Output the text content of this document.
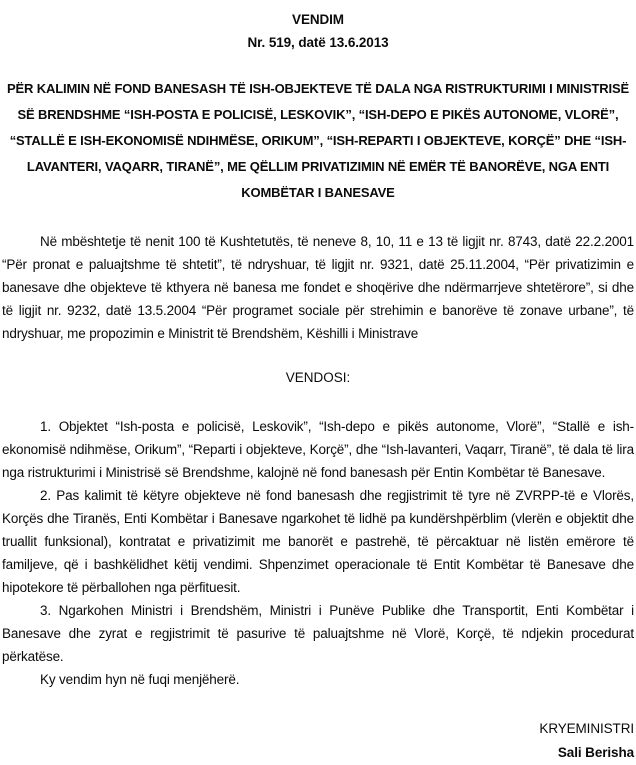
VENDIM
Nr. 519, datë 13.6.2013
PËR KALIMIN NË FOND BANESASH TË ISH-OBJEKTEVE TË DALA NGA RISTRUKTURIMI I MINISTRISË SË BRENDSHME “ISH-POSTA E POLICISË, LESKOVIK”, “ISH-DEPO E PIKËS AUTONOME, VLORË”, “STALLË E ISH-EKONOMISË NDIHMËSE, ORIKUM”, “ISH-REPARTI I OBJEKTEVE, KORÇË” DHE “ISH-LAVANTERI, VAQARR, TIRANË”, ME QËLLIM PRIVATIZIMIN NË EMËR TË BANORËVE, NGA ENTI KOMBËTAR I BANESAVE

Në mbështetje të nenit 100 të Kushtetutës, të neneve 8, 10, 11 e 13 të ligjit nr. 8743, datë 22.2.2001 “Për pronat e paluajtshme të shtetit”, të ndryshuar, të ligjit nr. 9321, datë 25.11.2004, “Për privatizimin e banesave dhe objekteve të kthyera në banesa me fondet e shoqërive dhe ndërmarrjeve shtetërore”, si dhe të ligjit nr. 9232, datë 13.5.2004 “Për programet sociale për strehimin e banorëve të zonave urbane”, të ndryshuar, me propozimin e Ministrit të Brendshëm, Këshilli i Ministrave

VENDOSI:

1. Objektet “Ish-posta e policisë, Leskovik”, “Ish-depo e pikës autonome, Vlorë”, “Stallë e ish-ekonomisë ndihmëse, Orikum”, “Reparti i objekteve, Korçë”, dhe “Ish-lavanteri, Vaqarr, Tiranë”, të dala të lira nga ristrukturimi i Ministrisë së Brendshme, kalojnë në fond banesash për Entin Kombëtar të Banesave.

2. Pas kalimit të këtyre objekteve në fond banesash dhe regjistrimit të tyre në ZVRPP-të e Vlorës, Korçës dhe Tiranës, Enti Kombëtar i Banesave ngarkohet të lidhë pa kundërshpërblim (vlerën e objektit dhe truallit funksional), kontratat e privatizimit me banorët e pastrehë, të përcaktuar në listën emërore të familjeve, që i bashkëlidhet këtij vendimi. Shpenzimet operacionale të Entit Kombëtar të Banesave dhe hipotekore të përballohen nga përfituesit.

3. Ngarkohen Ministri i Brendshëm, Ministri i Punëve Publike dhe Transportit, Enti Kombëtar i Banesave dhe zyrat e regjistrimit të pasurive të paluajtshme në Vlorë, Korçë, të ndjekin procedurat përkatëse.

Ky vendim hyn në fuqi menjëherë.

KRYEMINISTRI
Sali Berisha
